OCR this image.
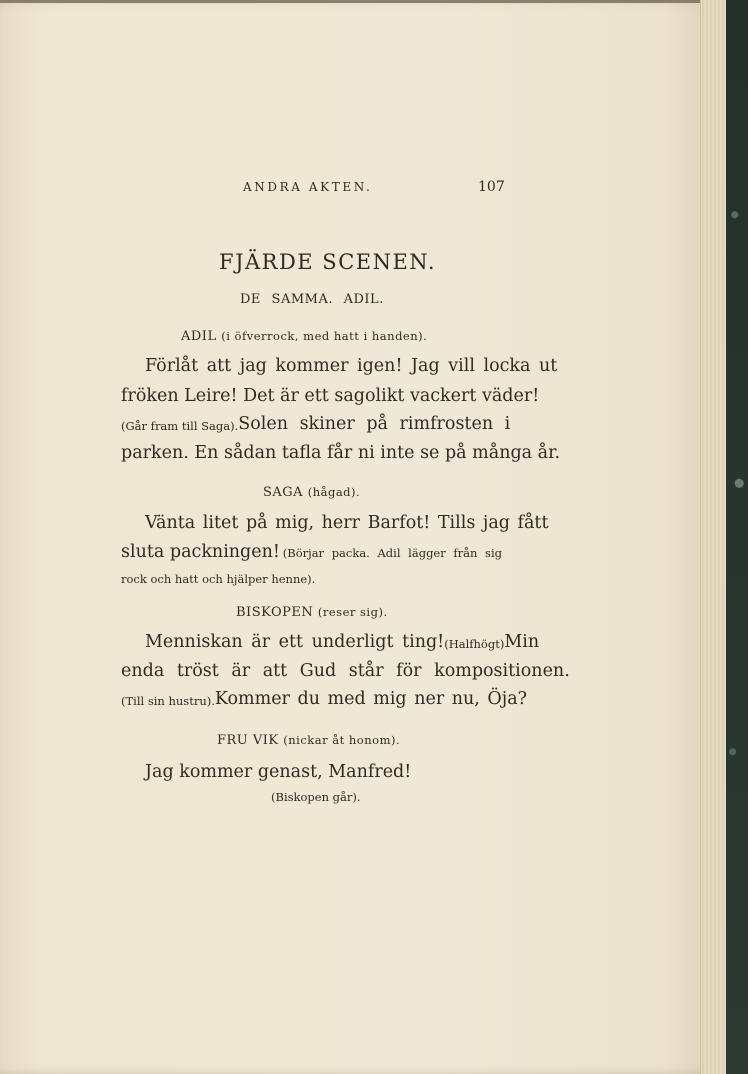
ANDRA AKTEN.	107
FJÄRDE SCENEN.
DE SAMMA. ADIL.
ADIL (i öfverrock, med hatt i handen).
Förlåt att jag kommer igen! Jag vill locka ut
fröken Leire! Det är ett sagolikt vackert väder!
(Går fram till Saga). Solen skiner på rimfrosten i
parken. En sådan tafla får ni inte se på många år.
SAGA (hågad).
Vänta litet på mig, herr Barfot! Tills jag fått
sluta packningen! (Börjar packa. Adil lägger från sig
rock och hatt och hjälper henne).
BISKOPEN (reser sig).
Menniskan är ett underligt ting! (Halfhögt) Min
enda tröst är att Gud står för kompositionen.
(Till sin hustru). Kommer du med mig ner nu, Öja?
FRU VIK (nickar åt honom).
Jag kommer genast, Manfred!
(Biskopen går).
